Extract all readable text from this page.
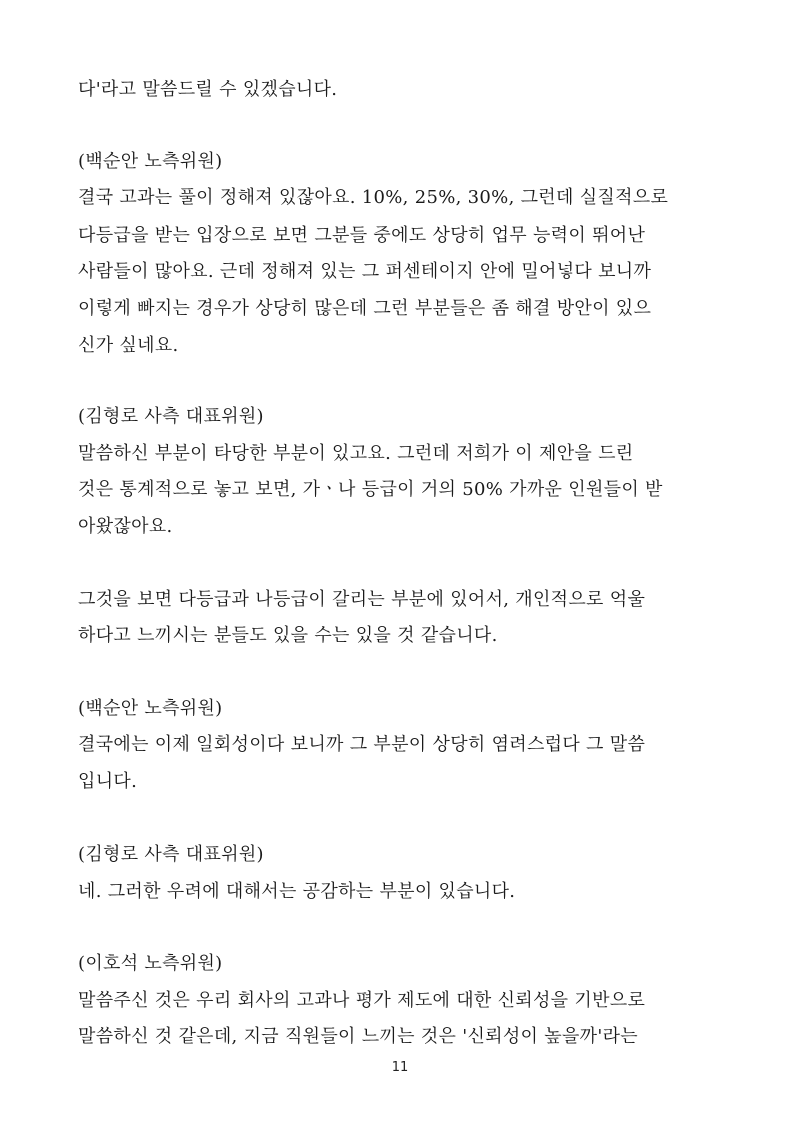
다'라고 말씀드릴 수 있겠습니다.
(백순안 노측위원)
결국 고과는 풀이 정해져 있잖아요. 10%, 25%, 30%, 그런데 실질적으로
다등급을 받는 입장으로 보면 그분들 중에도 상당히 업무 능력이 뛰어난
사람들이 많아요. 근데 정해져 있는 그 퍼센테이지 안에 밀어넣다 보니까
이렇게 빠지는 경우가 상당히 많은데 그런 부분들은 좀 해결 방안이 있으
신가 싶네요.
(김형로 사측 대표위원)
말씀하신 부분이 타당한 부분이 있고요. 그런데 저희가 이 제안을 드린
것은 통계적으로 놓고 보면, 가ㆍ나 등급이 거의 50% 가까운 인원들이 받
아왔잖아요.
그것을 보면 다등급과 나등급이 갈리는 부분에 있어서, 개인적으로 억울
하다고 느끼시는 분들도 있을 수는 있을 것 같습니다.
(백순안 노측위원)
결국에는 이제 일회성이다 보니까 그 부분이 상당히 염려스럽다 그 말씀
입니다.
(김형로 사측 대표위원)
네. 그러한 우려에 대해서는 공감하는 부분이 있습니다.
(이호석 노측위원)
말씀주신 것은 우리 회사의 고과나 평가 제도에 대한 신뢰성을 기반으로
말씀하신 것 같은데, 지금 직원들이 느끼는 것은 '신뢰성이 높을까'라는
11
